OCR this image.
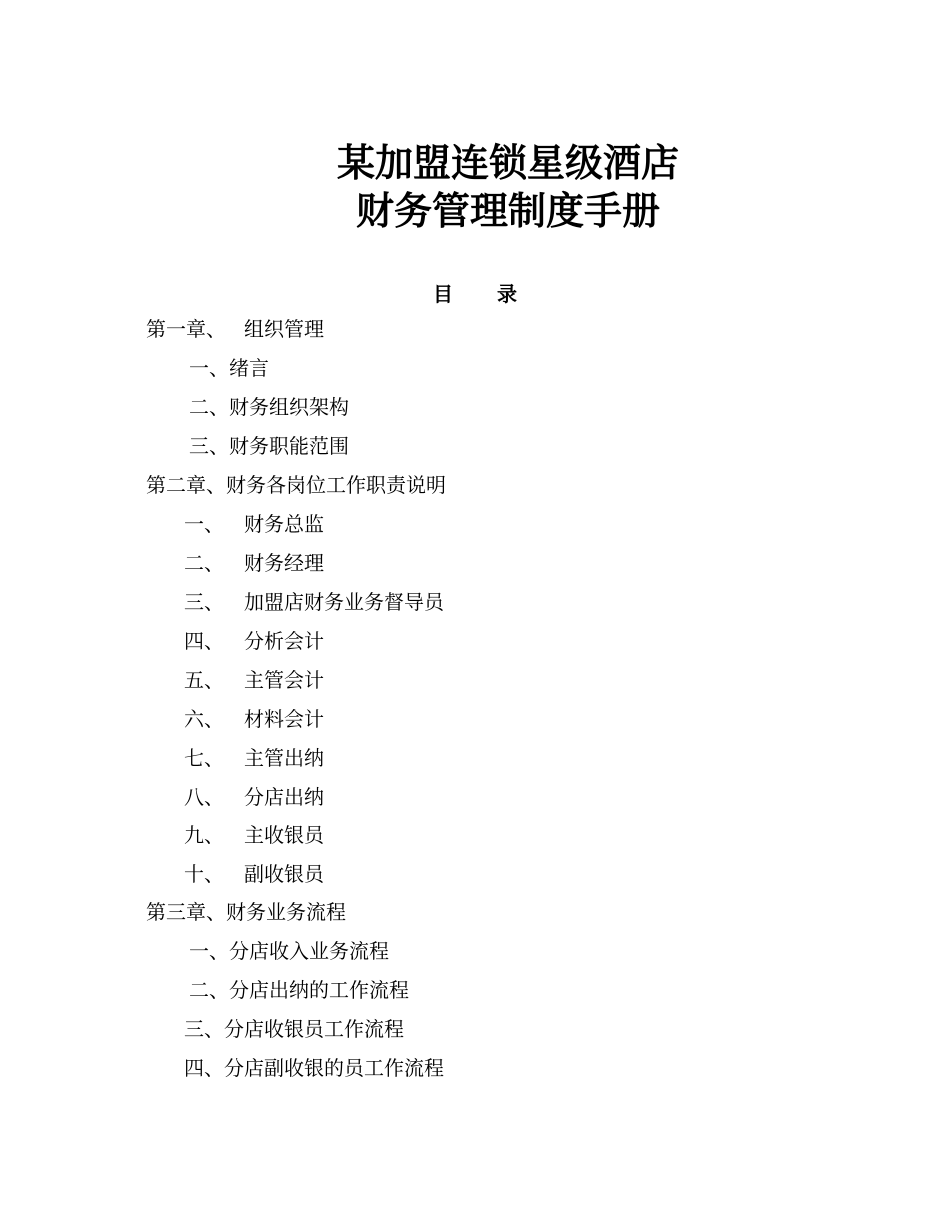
某加盟连锁星级酒店
财务管理制度手册
目 录
第一章、 组织管理
一、绪言
二、财务组织架构
三、财务职能范围
第二章、财务各岗位工作职责说明
一、 财务总监
二、 财务经理
三、 加盟店财务业务督导员
四、 分析会计
五、 主管会计
六、 材料会计
七、 主管出纳
八、 分店出纳
九、 主收银员
十、 副收银员
第三章、财务业务流程
一、分店收入业务流程
二、分店出纳的工作流程
三、分店收银员工作流程
四、分店副收银的员工作流程
